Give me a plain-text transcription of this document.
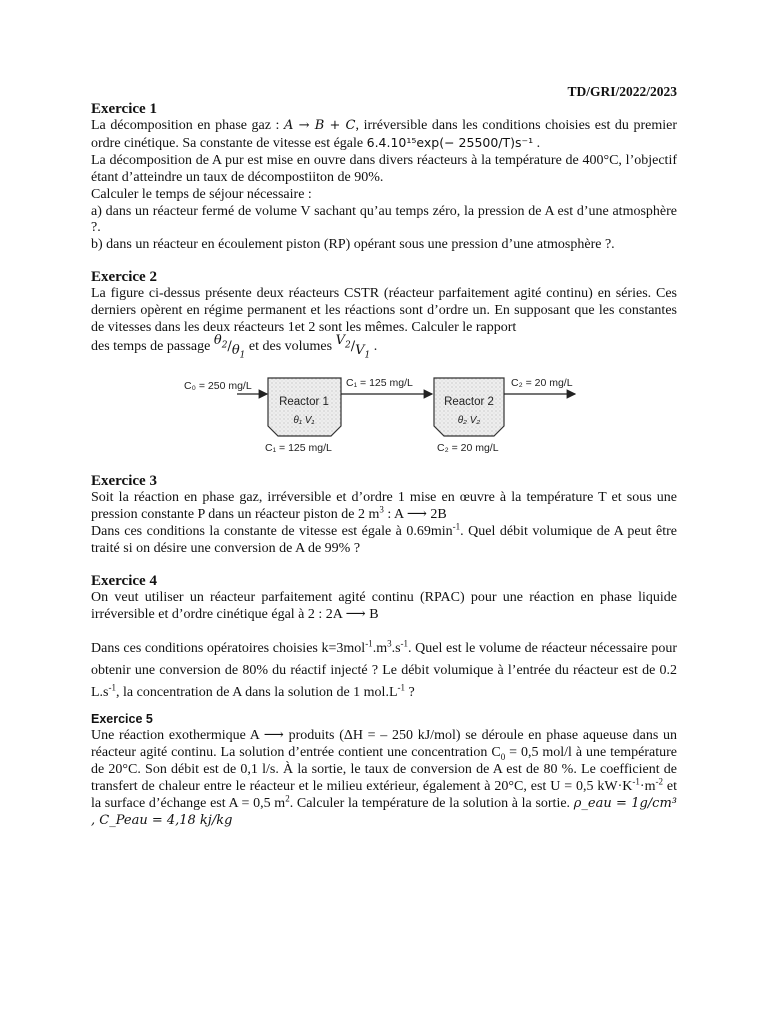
TD/GRI/2022/2023
Exercice 1

La décomposition en phase gaz : A → B + C, irréversible dans les conditions choisies est du premier ordre cinétique. Sa constante de vitesse est égale 6.4.10¹⁵exp(− 25500/T)s⁻¹ .

La décomposition de A pur est mise en ouvre dans divers réacteurs à la température de 400°C, l’objectif étant d’atteindre un taux de décompostiiton de 90%.

Calculer le temps de séjour nécessaire :

a) dans un réacteur fermé de volume V sachant qu’au temps zéro, la pression de A est d’une atmosphère ?.

b) dans un réacteur en écoulement piston (RP) opérant sous une pression d’une atmosphère ?.

Exercice 2

La figure ci-dessus présente deux réacteurs CSTR (réacteur parfaitement agité continu) en séries. Ces derniers opèrent en régime permanent et les réactions sont d’ordre un. En supposant que les constantes de vitesses dans les deux réacteurs 1et 2 sont les mêmes. Calculer le rapport

des temps de passage $\theta_2/\theta_1$ et des volumes $V_2/V_1$ .

C₀ = 250 mg/L	C₁ = 125 mg/L	C₂ = 20 mg/L
Reactor 1
θ₁ V₁
Reactor 2
θ₂ V₂
C₁ = 125 mg/L	C₂ = 20 mg/L
Exercice 3

Soit la réaction en phase gaz, irréversible et d’ordre 1 mise en œuvre à la température T et sous une pression constante P dans un réacteur piston de 2 $m^3$ : A ⟶ 2B

Dans ces conditions la constante de vitesse est égale à $0.69\min^{-1}$. Quel débit volumique de A peut être traité si on désire une conversion de A de 99% ?

Exercice 4

On veut utiliser un réacteur parfaitement agité continu (RPAC) pour une réaction en phase liquide irréversible et d’ordre cinétique égal à 2 : 2A ⟶ B

Dans ces conditions opératoires choisies $k=3mol^{-1}.m^3.s^{-1}$. Quel est le volume de réacteur nécessaire pour obtenir une conversion de 80% du réactif injecté ? Le débit volumique à l’entrée du réacteur est de 0.2 $L.s^{-1}$, la concentration de A dans la solution de 1 $mol.L^{-1}$ ?

Exercice 5

Une réaction exothermique A ⟶ produits (ΔH = – 250 kJ/mol) se déroule en phase aqueuse dans un réacteur agité continu. La solution d’entrée contient une concentration $C_0 = 0,5$ mol/l à une température de 20°C. Son débit est de 0,1 l/s. À la sortie, le taux de conversion de A est de 80 %. Le coefficient de transfert de chaleur entre le réacteur et le milieu extérieur, également à 20°C, est U = 0,5 $kW\cdot K^{-1}\cdot m^{-2}$ et la surface d’échange est A = 0,5 $m^2$. Calculer la température de la solution à la sortie. ρ_eau = 1g/cm³ , C_Peau = 4,18 kj/kg
